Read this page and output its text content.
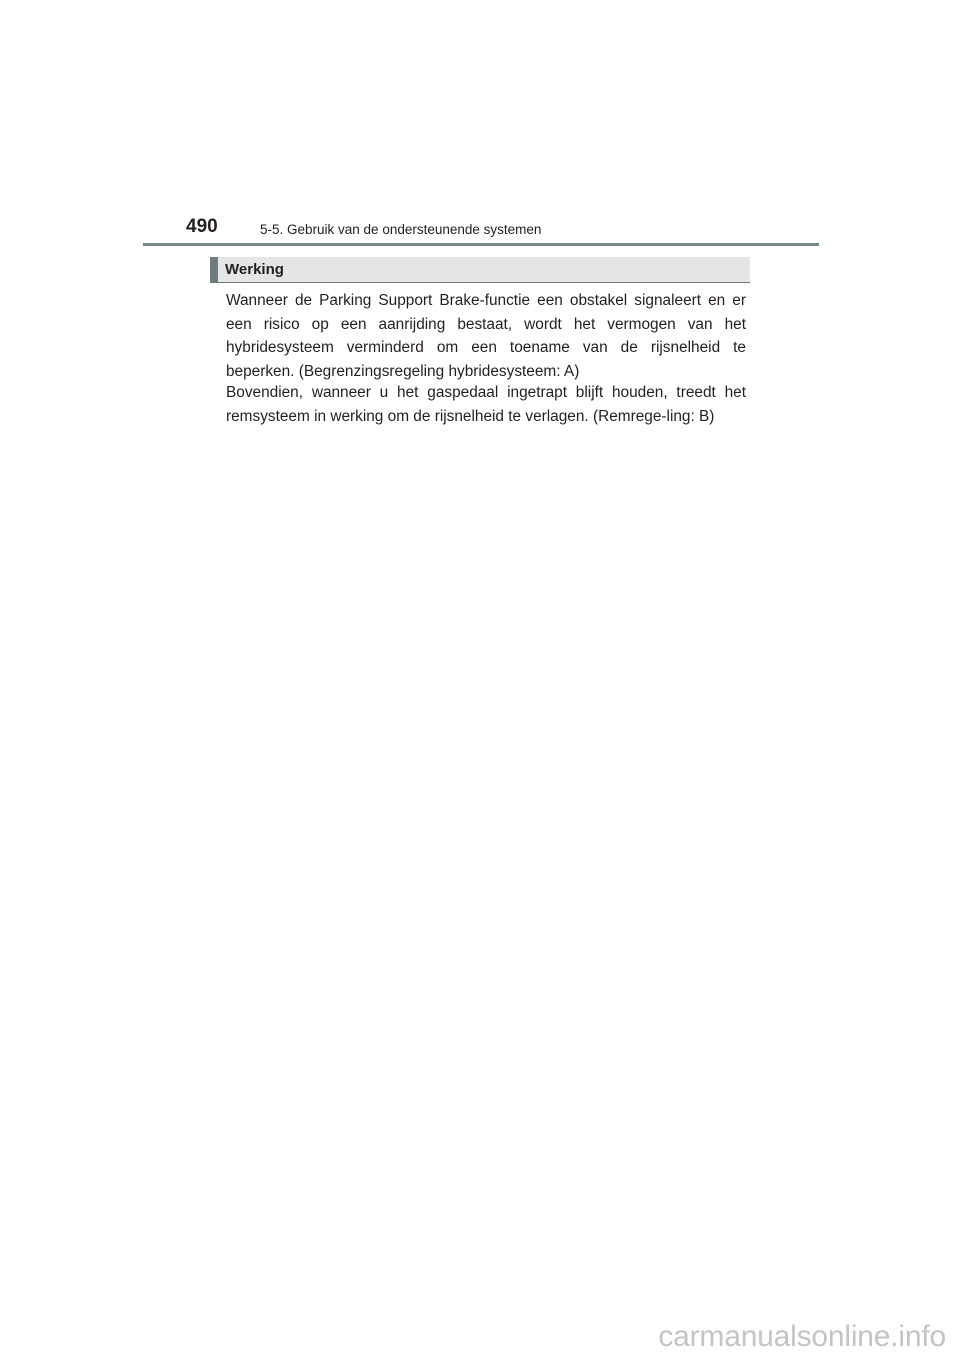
490	5-5. Gebruik van de ondersteunende systemen
Werking

Wanneer de Parking Support Brake-functie een obstakel signaleert en er een risico op een aanrijding bestaat, wordt het vermogen van het hybridesysteem verminderd om een toename van de rijsnelheid te beperken. (Begrenzingsregeling hybridesysteem: A)

Bovendien, wanneer u het gaspedaal ingetrapt blijft houden, treedt het remsysteem in werking om de rijsnelheid te verlagen. (Remrege-ling: B)

carmanualsonline.info
